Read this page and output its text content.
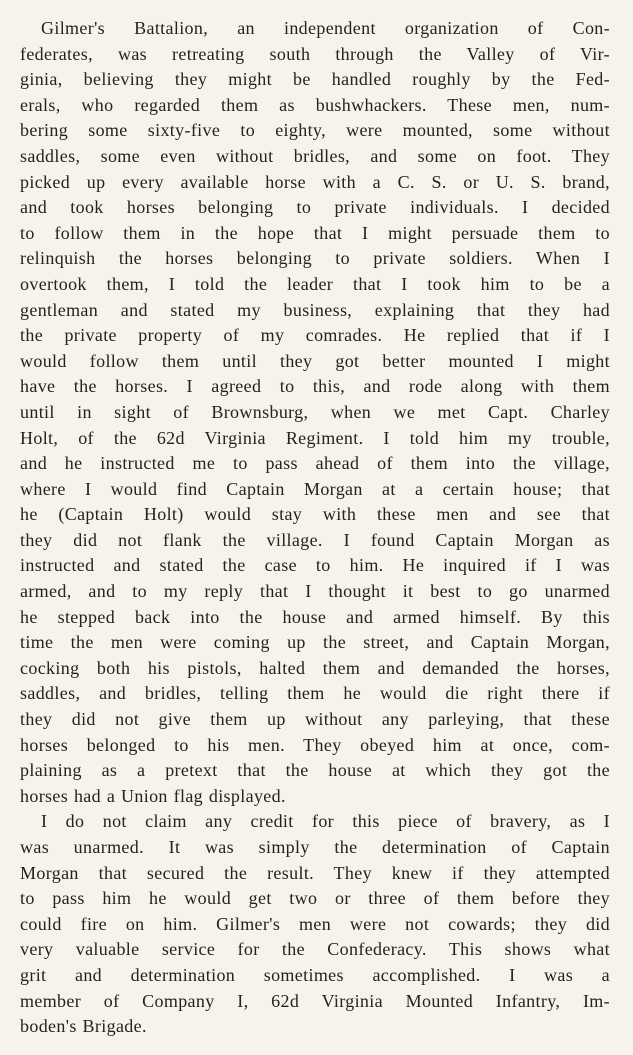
Gilmer's Battalion, an independent organization of Con-
federates, was retreating south through the Valley of Vir-
ginia, believing they might be handled roughly by the Fed-
erals, who regarded them as bushwhackers. These men, num-
bering some sixty-five to eighty, were mounted, some without
saddles, some even without bridles, and some on foot. They
picked up every available horse with a C. S. or U. S. brand,
and took horses belonging to private individuals. I decided
to follow them in the hope that I might persuade them to
relinquish the horses belonging to private soldiers. When I
overtook them, I told the leader that I took him to be a
gentleman and stated my business, explaining that they had
the private property of my comrades. He replied that if I
would follow them until they got better mounted I might
have the horses. I agreed to this, and rode along with them
until in sight of Brownsburg, when we met Capt. Charley
Holt, of the 62d Virginia Regiment. I told him my trouble,
and he instructed me to pass ahead of them into the village,
where I would find Captain Morgan at a certain house; that
he (Captain Holt) would stay with these men and see that
they did not flank the village. I found Captain Morgan as
instructed and stated the case to him. He inquired if I was
armed, and to my reply that I thought it best to go unarmed
he stepped back into the house and armed himself. By this
time the men were coming up the street, and Captain Morgan,
cocking both his pistols, halted them and demanded the horses,
saddles, and bridles, telling them he would die right there if
they did not give them up without any parleying, that these
horses belonged to his men. They obeyed him at once, com-
plaining as a pretext that the house at which they got the
horses had a Union flag displayed.
I do not claim any credit for this piece of bravery, as I
was unarmed. It was simply the determination of Captain
Morgan that secured the result. They knew if they attempted
to pass him he would get two or three of them before they
could fire on him. Gilmer's men were not cowards; they did
very valuable service for the Confederacy. This shows what
grit and determination sometimes accomplished. I was a
member of Company I, 62d Virginia Mounted Infantry, Im-
boden's Brigade.
